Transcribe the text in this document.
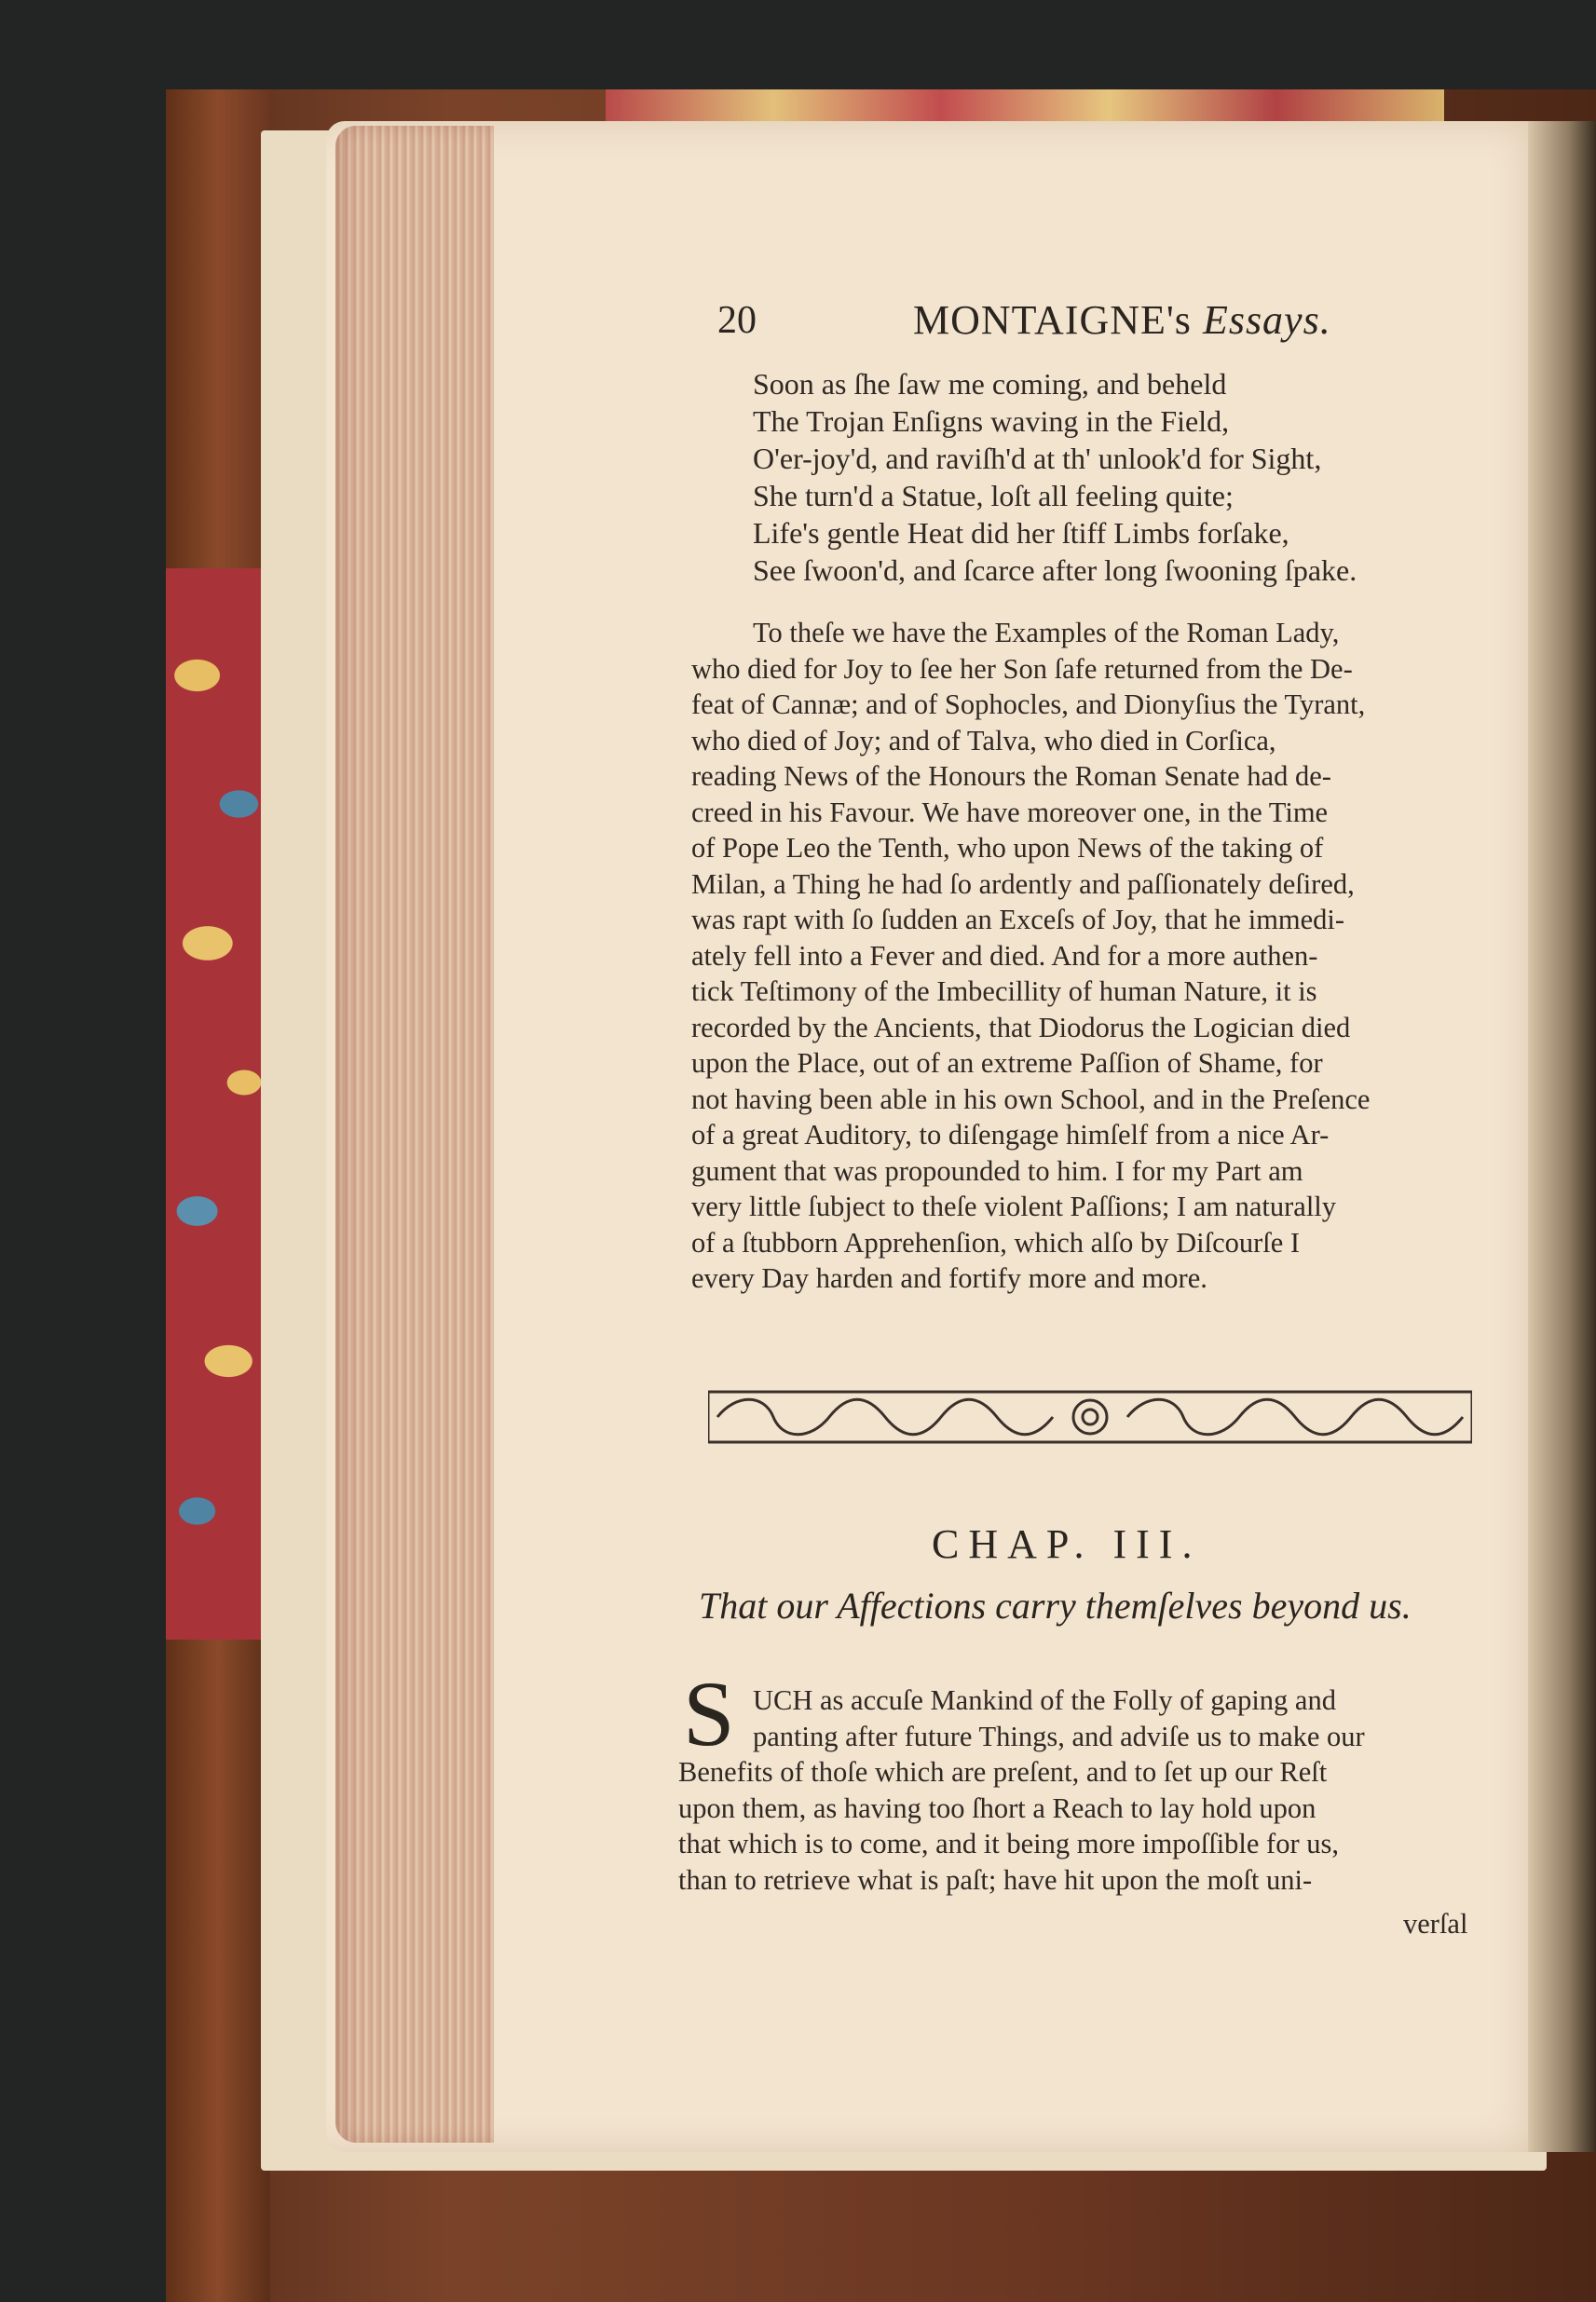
20	MONTAIGNE's Essays.
Soon as ſhe ſaw me coming, and beheld
The Trojan Enſigns waving in the Field,
O'er-joy'd, and raviſh'd at th' unlook'd for Sight,
She turn'd a Statue, loſt all feeling quite;
Life's gentle Heat did her ſtiff Limbs forſake,
See ſwoon'd, and ſcarce after long ſwooning ſpake.
To theſe we have the Examples of the Roman Lady,
who died for Joy to ſee her Son ſafe returned from the De-
feat of Cannæ; and of Sophocles, and Dionyſius the Tyrant,
who died of Joy; and of Talva, who died in Corſica,
reading News of the Honours the Roman Senate had de-
creed in his Favour. We have moreover one, in the Time
of Pope Leo the Tenth, who upon News of the taking of
Milan, a Thing he had ſo ardently and paſſionately deſired,
was rapt with ſo ſudden an Exceſs of Joy, that he immedi-
ately fell into a Fever and died. And for a more authen-
tick Teſtimony of the Imbecillity of human Nature, it is
recorded by the Ancients, that Diodorus the Logician died
upon the Place, out of an extreme Paſſion of Shame, for
not having been able in his own School, and in the Preſence
of a great Auditory, to diſengage himſelf from a nice Ar-
gument that was propounded to him. I for my Part am
very little ſubject to theſe violent Paſſions; I am naturally
of a ſtubborn Apprehenſion, which alſo by Diſcourſe I
every Day harden and fortify more and more.
CHAP. III.
That our Affections carry themſelves beyond us.
S UCH as accuſe Mankind of the Folly of gaping and
panting after future Things, and adviſe us to make our
Benefits of thoſe which are preſent, and to ſet up our Reſt
upon them, as having too ſhort a Reach to lay hold upon
that which is to come, and it being more impoſſible for us,
than to retrieve what is paſt; have hit upon the moſt uni-
verſal
